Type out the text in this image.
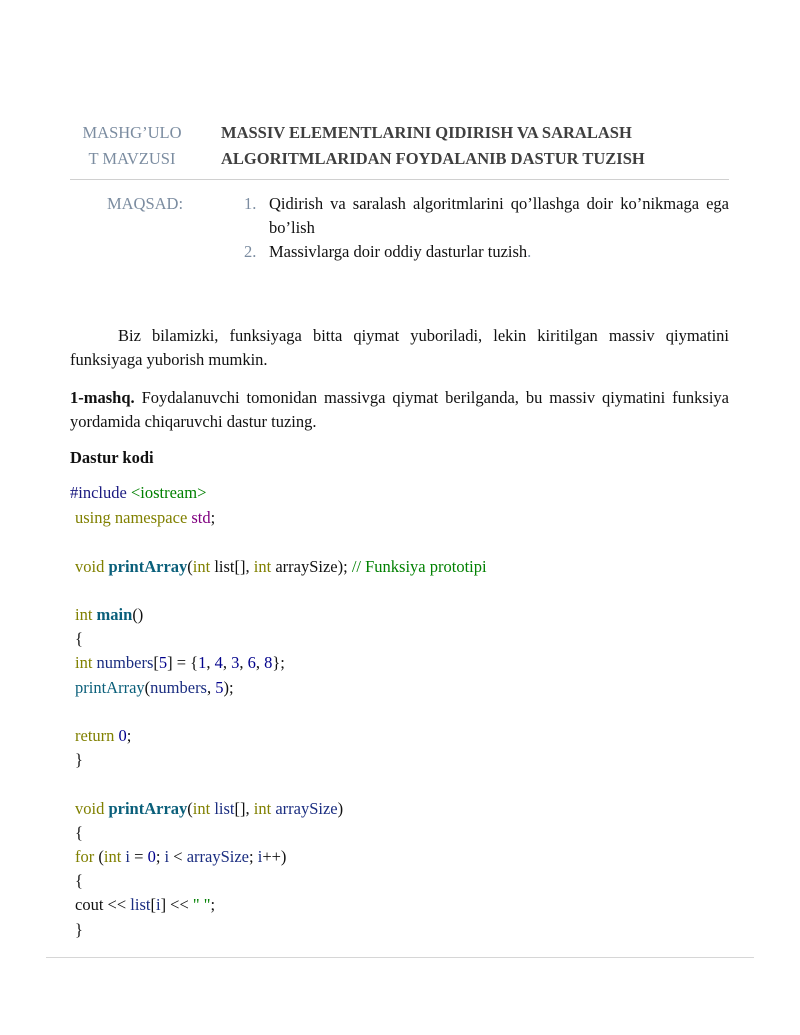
MASHG’ULO
T MAVZUSI
MASSIV ELEMENTLARINI QIDIRISH VA SARALASH
ALGORITMLARIDAN FOYDALANIB DASTUR TUZISH
MAQSAD:	1. Qidirish va saralash algoritmlarini qo’llashga doir ko’nikmaga ega bo’lish
2. Massivlarga doir oddiy dasturlar tuzish.

Biz bilamizki, funksiyaga bitta qiymat yuboriladi, lekin kiritilgan massiv qiymatini funksiyaga yuborish mumkin.

1-mashq. Foydalanuvchi tomonidan massivga qiymat berilganda, bu massiv qiymatini funksiya yordamida chiqaruvchi dastur tuzing.

Dastur kodi
#include <iostream>
using namespace std;
void printArray(int list[], int arraySize); // Funksiya prototipi
int main()
{
int numbers[5] = {1, 4, 3, 6, 8};
printArray(numbers, 5);
return 0;
}
void printArray(int list[], int arraySize)
{
for (int i = 0; i < arraySize; i++)
{
cout << list[i] << " ";
}
